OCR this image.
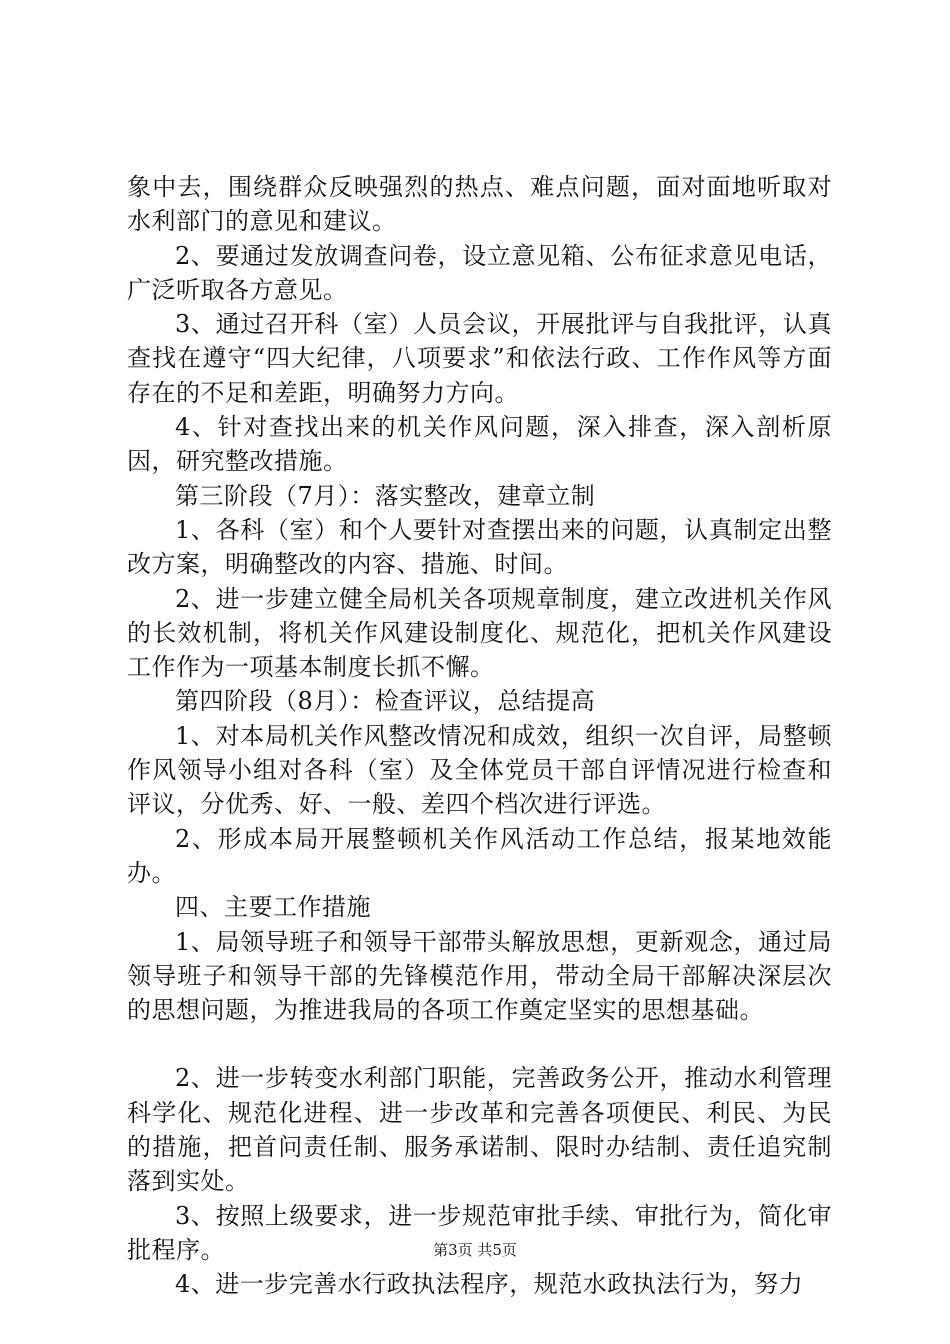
象中去，围绕群众反映强烈的热点、难点问题，面对面地听取对水利部门的意见和建议。

2、要通过发放调查问卷，设立意见箱、公布征求意见电话，广泛听取各方意见。

3、通过召开科（室）人员会议，开展批评与自我批评，认真查找在遵守“四大纪律，八项要求”和依法行政、工作作风等方面存在的不足和差距，明确努力方向。

4、针对查找出来的机关作风问题，深入排查，深入剖析原因，研究整改措施。

第三阶段（7月）：落实整改，建章立制

1、各科（室）和个人要针对查摆出来的问题，认真制定出整改方案，明确整改的内容、措施、时间。

2、进一步建立健全局机关各项规章制度，建立改进机关作风的长效机制，将机关作风建设制度化、规范化，把机关作风建设工作作为一项基本制度长抓不懈。

第四阶段（8月）：检查评议，总结提高

1、对本局机关作风整改情况和成效，组织一次自评，局整顿作风领导小组对各科（室）及全体党员干部自评情况进行检查和评议，分优秀、好、一般、差四个档次进行评选。

2、形成本局开展整顿机关作风活动工作总结，报某地效能办。

四、主要工作措施

1、局领导班子和领导干部带头解放思想，更新观念，通过局领导班子和领导干部的先锋模范作用，带动全局干部解决深层次的思想问题，为推进我局的各项工作奠定坚实的思想基础。

2、进一步转变水利部门职能，完善政务公开，推动水利管理科学化、规范化进程、进一步改革和完善各项便民、利民、为民的措施，把首问责任制、服务承诺制、限时办结制、责任追究制落到实处。

3、按照上级要求，进一步规范审批手续、审批行为，简化审批程序。

4、进一步完善水行政执法程序，规范水政执法行为，努力

第3页 共5页
